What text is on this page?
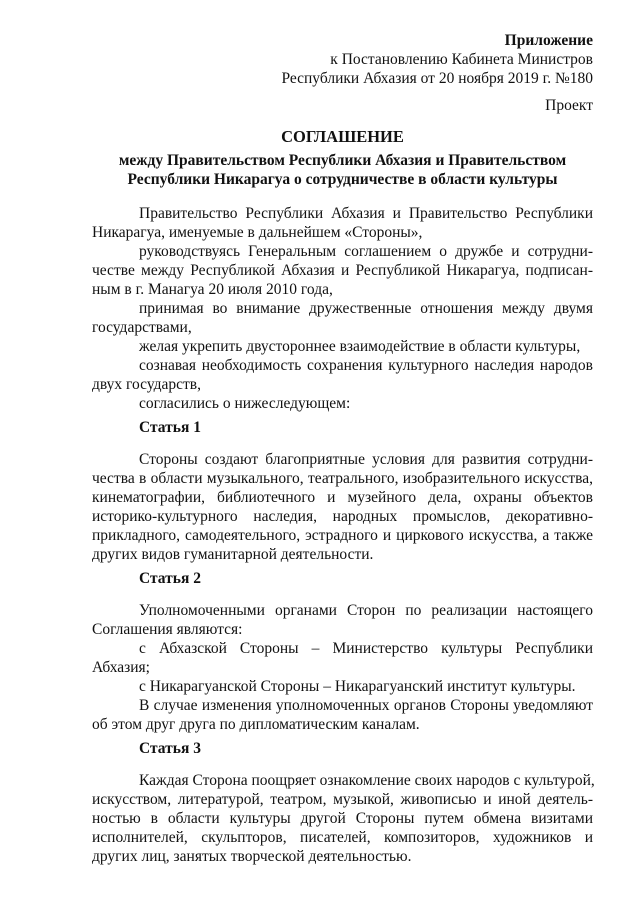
Приложение
к Постановлению Кабинета Министров
Республики Абхазия от 20 ноября 2019 г. №180
Проект
СОГЛАШЕНИЕ
между Правительством Республики Абхазия и Правительством
Республики Никарагуа о сотрудничестве в области культуры
Правительство Республики Абхазия и Правительство Республики
Никарагуа, именуемые в дальнейшем «Стороны»,
руководствуясь Генеральным соглашением о дружбе и сотрудни-
честве между Республикой Абхазия и Республикой Никарагуа, подписан-
ным в г. Манагуа 20 июля 2010 года,
принимая во внимание дружественные отношения между двумя
государствами,
желая укрепить двустороннее взаимодействие в области культуры,
сознавая необходимость сохранения культурного наследия народов
двух государств,
согласились о нижеследующем:
Статья 1
Стороны создают благоприятные условия для развития сотрудни-
чества в области музыкального, театрального, изобразительного искусства,
кинематографии, библиотечного и музейного дела, охраны объектов
историко-культурного наследия, народных промыслов, декоративно-
прикладного, самодеятельного, эстрадного и циркового искусства, а также
других видов гуманитарной деятельности.
Статья 2
Уполномоченными органами Сторон по реализации настоящего
Соглашения являются:
с Абхазской Стороны – Министерство культуры Республики
Абхазия;
с Никарагуанской Стороны – Никарагуанский институт культуры.
В случае изменения уполномоченных органов Стороны уведомляют
об этом друг друга по дипломатическим каналам.
Статья 3
Каждая Сторона поощряет ознакомление своих народов с культурой,
искусством, литературой, театром, музыкой, живописью и иной деятель-
ностью в области культуры другой Стороны путем обмена визитами
исполнителей, скульпторов, писателей, композиторов, художников и
других лиц, занятых творческой деятельностью.
